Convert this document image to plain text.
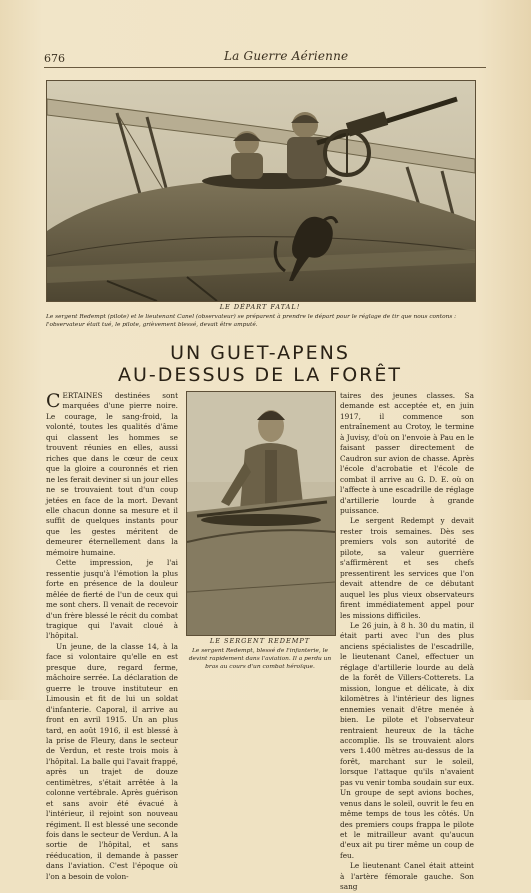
676	La Guerre Aérienne
LE DÉPART FATAL!
Le sergent Redempt (pilote) et le lieutenant Canel (observateur) se préparent à prendre le départ pour le réglage de tir que nous contons : l'observateur était tué, le pilote, grièvement blessé, devait être amputé.
UN GUET-APENS
AU-DESSUS DE LA FORÊT

CERTAINES destinées sont marquées d'une pierre noire. Le courage, le sang-froid, la volonté, toutes les qualités d'âme qui classent les hommes se trouvent réunies en elles, aussi riches que dans le cœur de ceux que la gloire a couronnés et rien ne les ferait deviner si un jour elles ne se trouvaient tout d'un coup jetées en face de la mort. Devant elle chacun donne sa mesure et il suffit de quelques instants pour que les gestes méritent de demeurer éternellement dans la mémoire humaine.

Cette impression, je l'ai ressentie jusqu'à l'émotion la plus forte en présence de la douleur mêlée de fierté de l'un de ceux qui me sont chers. Il venait de recevoir d'un frère blessé le récit du combat tragique qui l'avait cloué à l'hôpital.

Un jeune, de la classe 14, à la face si volontaire qu'elle en est presque dure, regard ferme, mâchoire serrée. La déclaration de guerre le trouve instituteur en Limousin et fit de lui un soldat d'infanterie. Caporal, il arrive au front en avril 1915. Un an plus tard, en août 1916, il est blessé à la prise de Fleury, dans le secteur de Verdun, et reste trois mois à l'hôpital. La balle qui l'avait frappé, après un trajet de douze centimètres, s'était arrêtée à la colonne vertébrale. Après guérison et sans avoir été évacué à l'intérieur, il rejoint son nouveau régiment. Il est blessé une seconde fois dans le secteur de Verdun. A la sortie de l'hôpital, et sans rééducation, il demande à passer dans l'aviation. C'est l'époque où l'on a besoin de volon-

LE SERGENT REDEMPT
Le sergent Redempt, blessé de l'infanterie, le devint rapidement dans l'aviation. Il a perdu un bras au cours d'un combat héroïque.

taires des jeunes classes. Sa demande est acceptée et, en juin 1917, il commence son entraînement au Crotoy, le termine à Juvisy, d'où on l'envoie à Pau en le faisant passer directement de Caudron sur avion de chasse. Après l'école d'acrobatie et l'école de combat il arrive au G. D. E. où on l'affecte à une escadrille de réglage d'artillerie lourde à grande puissance.

Le sergent Redempt y devait rester trois semaines. Dès ses premiers vols son autorité de pilote, sa valeur guerrière s'affirmèrent et ses chefs pressentirent les services que l'on devait attendre de ce débutant auquel les plus vieux observateurs firent immédiatement appel pour les missions difficiles.

Le 26 juin, à 8 h. 30 du matin, il était parti avec l'un des plus anciens spécialistes de l'escadrille, le lieutenant Canel, effectuer un réglage d'artillerie lourde au delà de la forêt de Villers-Cotterets. La mission, longue et délicate, à dix kilomètres à l'intérieur des lignes ennemies venait d'être menée à bien. Le pilote et l'observateur rentraient heureux de la tâche accomplie. Ils se trouvaient alors vers 1.400 mètres au-dessus de la forêt, marchant sur le soleil, lorsque l'attaque qu'ils n'avaient pas vu venir tomba soudain sur eux. Un groupe de sept avions boches, venus dans le soleil, ouvrit le feu en même temps de tous les côtés. Un des premiers coups frappa le pilote et le mitrailleur avant qu'aucun d'eux ait pu tirer même un coup de feu.

Le lieutenant Canel était atteint à l'artère fémorale gauche. Son sang
